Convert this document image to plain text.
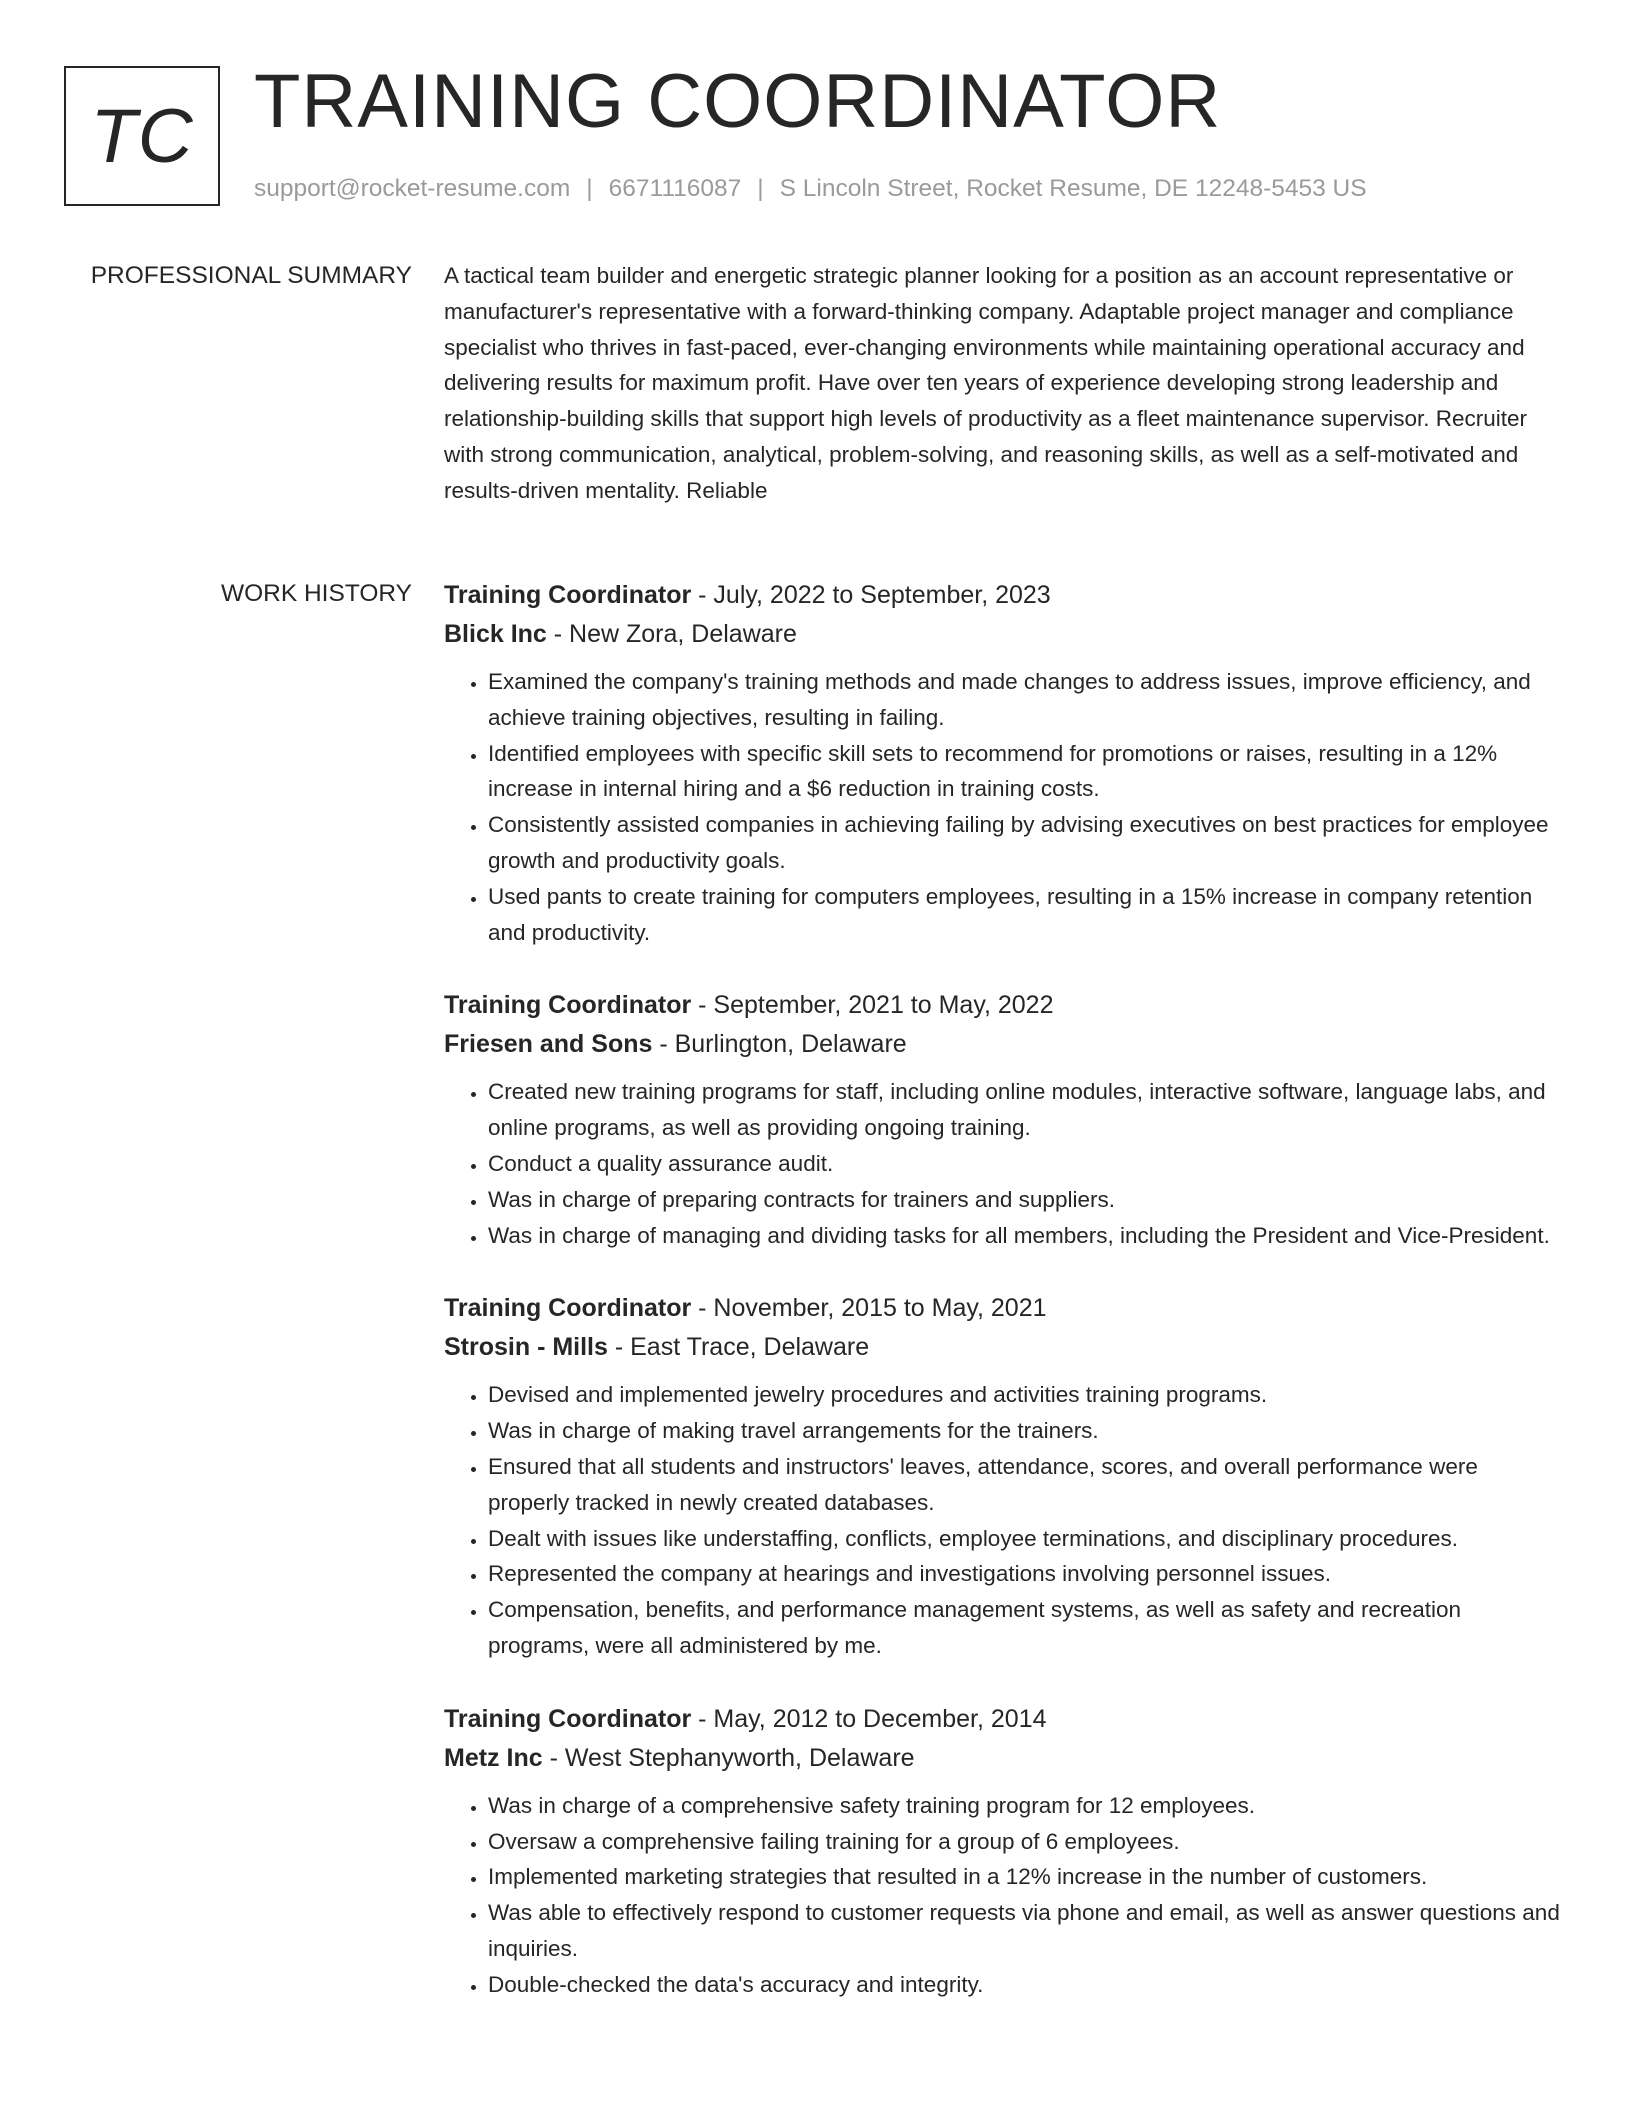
TC TRAINING COORDINATOR
support@rocket-resume.com | 6671116087 | S Lincoln Street, Rocket Resume, DE 12248-5453 US
PROFESSIONAL SUMMARY A tactical team builder and energetic strategic planner looking for a position as an account representative or manufacturer's representative with a forward-thinking company. Adaptable project manager and compliance specialist who thrives in fast-paced, ever-changing environments while maintaining operational accuracy and delivering results for maximum profit. Have over ten years of experience developing strong leadership and relationship-building skills that support high levels of productivity as a fleet maintenance supervisor. Recruiter with strong communication, analytical, problem-solving, and reasoning skills, as well as a self-motivated and results-driven mentality. Reliable

WORK HISTORY Training Coordinator - July, 2022 to September, 2023
Blick Inc - New Zora, Delaware
• Examined the company's training methods and made changes to address issues, improve efficiency, and achieve training objectives, resulting in failing.
• Identified employees with specific skill sets to recommend for promotions or raises, resulting in a 12% increase in internal hiring and a $6 reduction in training costs.
• Consistently assisted companies in achieving failing by advising executives on best practices for employee growth and productivity goals.
• Used pants to create training for computers employees, resulting in a 15% increase in company retention and productivity.
Training Coordinator - September, 2021 to May, 2022
Friesen and Sons - Burlington, Delaware
• Created new training programs for staff, including online modules, interactive software, language labs, and online programs, as well as providing ongoing training.
• Conduct a quality assurance audit.
• Was in charge of preparing contracts for trainers and suppliers.
• Was in charge of managing and dividing tasks for all members, including the President and Vice-President.
Training Coordinator - November, 2015 to May, 2021
Strosin - Mills - East Trace, Delaware
• Devised and implemented jewelry procedures and activities training programs.
• Was in charge of making travel arrangements for the trainers.
• Ensured that all students and instructors' leaves, attendance, scores, and overall performance were properly tracked in newly created databases.
• Dealt with issues like understaffing, conflicts, employee terminations, and disciplinary procedures.
• Represented the company at hearings and investigations involving personnel issues.
• Compensation, benefits, and performance management systems, as well as safety and recreation programs, were all administered by me.
Training Coordinator - May, 2012 to December, 2014
Metz Inc - West Stephanyworth, Delaware
• Was in charge of a comprehensive safety training program for 12 employees.
• Oversaw a comprehensive failing training for a group of 6 employees.
• Implemented marketing strategies that resulted in a 12% increase in the number of customers.
• Was able to effectively respond to customer requests via phone and email, as well as answer questions and inquiries.
• Double-checked the data's accuracy and integrity.
